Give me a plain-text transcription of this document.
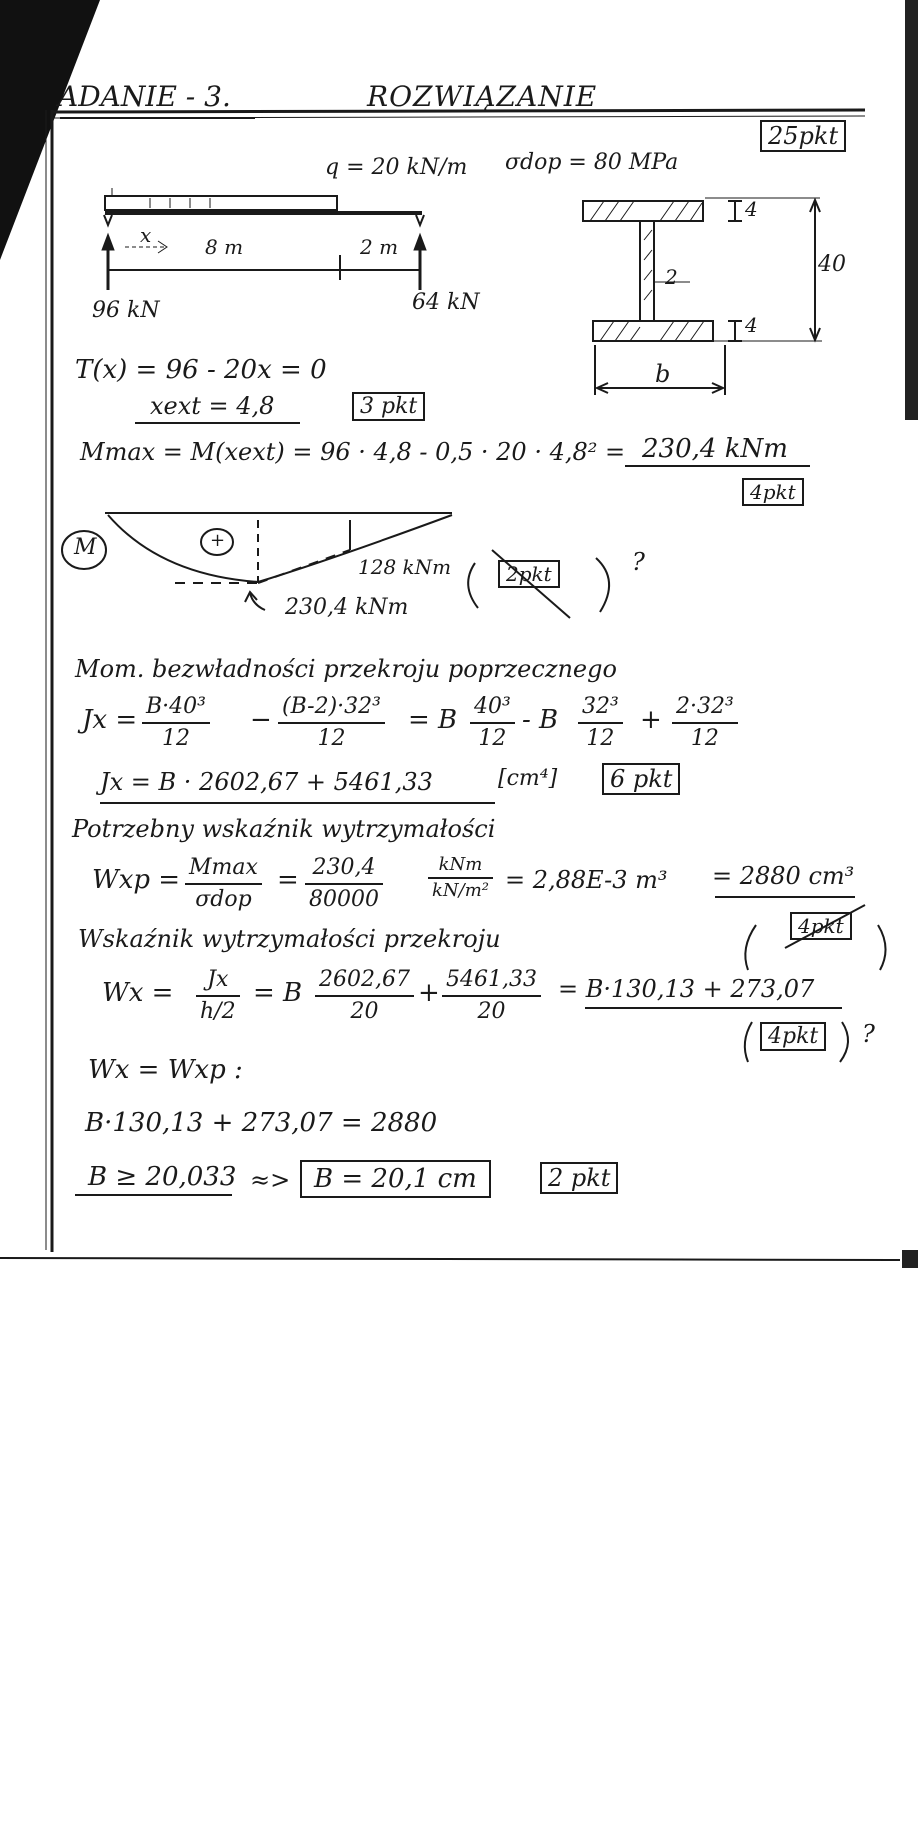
ADANIE - 3.	ROZWIĄZANIE
25pkt
q = 20 kN/m σdop = 80 MPa
x	8 m	2 m
96 kN	64 kN
4
40
2
4
b
T(x) = 96 - 20x = 0
xext = 4,8	3 pkt
Mmax = M(xext) = 96 · 4,8 - 0,5 · 20 · 4,8² = 230,4 kNm
4pkt
M	+
128 kNm
230,4 kNm
2pkt	?
Mom. bezwładności przekroju poprzecznego
$Jx = \frac{\text{B·40³}}{12} - \frac{\text{(B-2)·32³}}{12} = B \frac{\text{40³}}{12} - B \frac{\text{32³}}{12} + \frac{\text{2·32³}}{12}$
Jx = B · 2602,67 + 5461,33	[cm⁴]	6 pkt
Potrzebny wskaźnik wytrzymałości
Wxp = Mmax
σdop
= $\frac{230,4}{80000}$	kNm
kN/m² = 2,88E-3 m³ = 2880 cm³
4pkt
Wskaźnik wytrzymałości przekroju
$Wx = \frac{Jx}{h/2} = B \frac{2602,67}{20} + \frac{5461,33}{20} = B\cdot 130,13 + 273,07$
4pkt	?
Wx = Wxp :
B·130,13 + 273,07 = 2880
B ≥ 20,033 ≈> B = 20,1 cm	2 pkt
